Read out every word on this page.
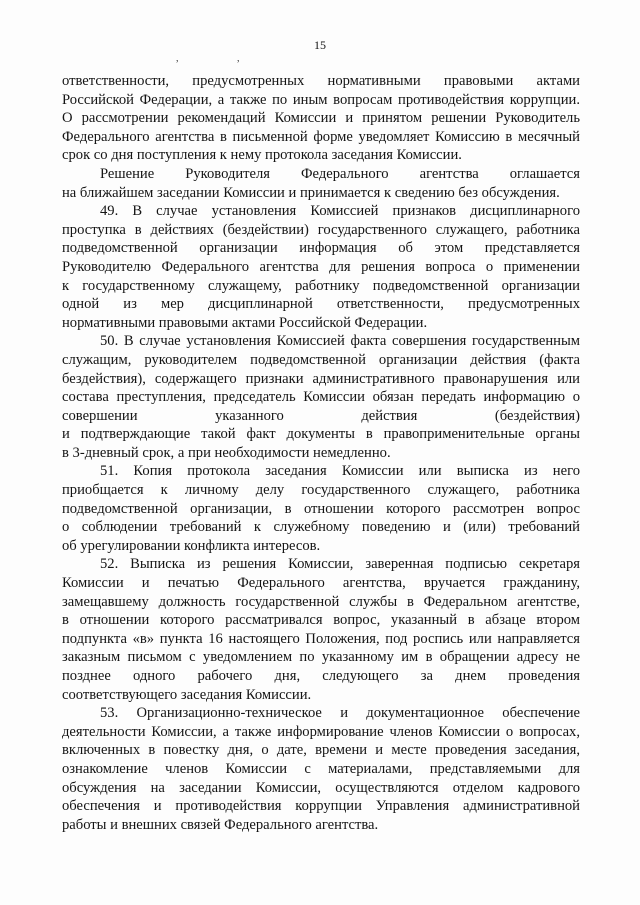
15
, ,
ответственности, предусмотренных нормативными правовыми актами
Российской Федерации, а также по иным вопросам противодействия коррупции.
О рассмотрении рекомендаций Комиссии и принятом решении Руководитель
Федерального агентства в письменной форме уведомляет Комиссию в месячный
срок со дня поступления к нему протокола заседания Комиссии.
Решение Руководителя Федерального агентства оглашается
на ближайшем заседании Комиссии и принимается к сведению без обсуждения.
49. В случае установления Комиссией признаков дисциплинарного
проступка в действиях (бездействии) государственного служащего, работника
подведомственной организации информация об этом представляется
Руководителю Федерального агентства для решения вопроса о применении
к государственному служащему, работнику подведомственной организации
одной из мер дисциплинарной ответственности, предусмотренных
нормативными правовыми актами Российской Федерации.
50. В случае установления Комиссией факта совершения государственным
служащим, руководителем подведомственной организации действия (факта
бездействия), содержащего признаки административного правонарушения или
состава преступления, председатель Комиссии обязан передать информацию о
совершении указанного действия (бездействия)
и подтверждающие такой факт документы в правоприменительные органы
в 3-дневный срок, а при необходимости немедленно.
51. Копия протокола заседания Комиссии или выписка из него
приобщается к личному делу государственного служащего, работника
подведомственной организации, в отношении которого рассмотрен вопрос
о соблюдении требований к служебному поведению и (или) требований
об урегулировании конфликта интересов.
52. Выписка из решения Комиссии, заверенная подписью секретаря
Комиссии и печатью Федерального агентства, вручается гражданину,
замещавшему должность государственной службы в Федеральном агентстве,
в отношении которого рассматривался вопрос, указанный в абзаце втором
подпункта «в» пункта 16 настоящего Положения, под роспись или направляется
заказным письмом с уведомлением по указанному им в обращении адресу не
позднее одного рабочего дня, следующего за днем проведения
соответствующего заседания Комиссии.
53. Организационно-техническое и документационное обеспечение
деятельности Комиссии, а также информирование членов Комиссии о вопросах,
включенных в повестку дня, о дате, времени и месте проведения заседания,
ознакомление членов Комиссии с материалами, представляемыми для
обсуждения на заседании Комиссии, осуществляются отделом кадрового
обеспечения и противодействия коррупции Управления административной
работы и внешних связей Федерального агентства.
